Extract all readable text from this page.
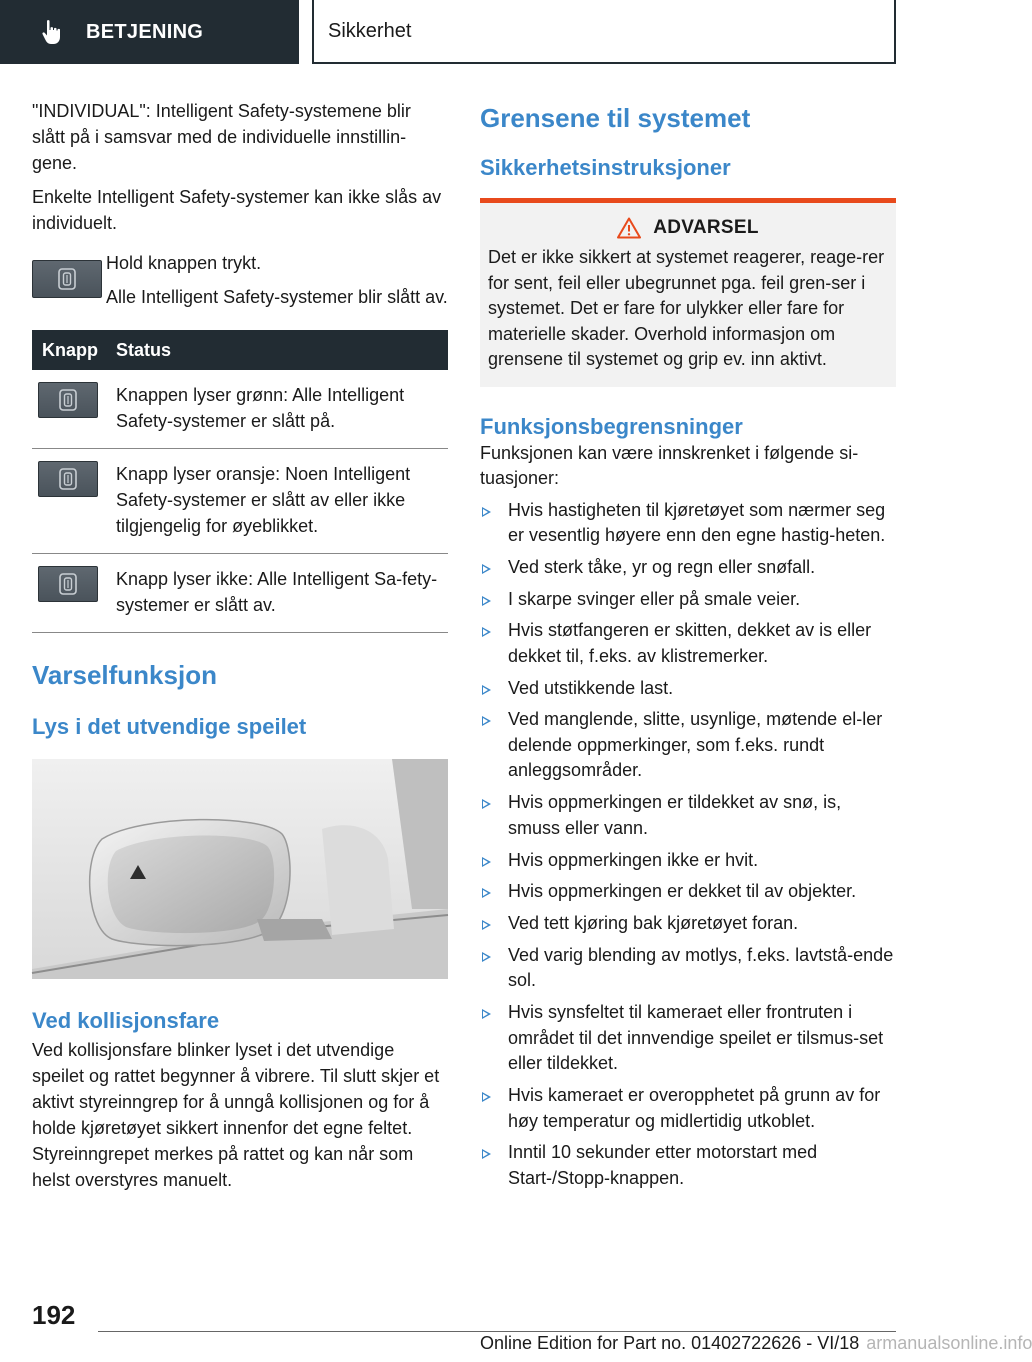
BETJENING	Sikkerhet

"INDIVIDUAL": Intelligent Safety-systemene blir slått på i samsvar med de individuelle innstillin‐gene.

Enkelte Intelligent Safety-systemer kan ikke slås av individuelt.

Hold knappen trykt.

Alle Intelligent Safety-systemer blir slått av.

Knapp	Status

	Knappen lyser grønn: Alle Intelligent Safety-systemer er slått på.

	Knapp lyser oransje: Noen Intelligent Safety-systemer er slått av eller ikke tilgjengelig for øyeblikket.

	Knapp lyser ikke: Alle Intelligent Sa‐fety-systemer er slått av.
Varselfunksjon
Lys i det utvendige speilet
Ved kollisjonsfare

Ved kollisjonsfare blinker lyset i det utvendige speilet og rattet begynner å vibrere. Til slutt skjer et aktivt styreinngrep for å unngå kollisjonen og for å holde kjøretøyet sikkert innenfor det egne feltet. Styreinngrepet merkes på rattet og kan når som helst overstyres manuelt.

Grensene til systemet
Sikkerhetsinstruksjoner
ADVARSEL

Det er ikke sikkert at systemet reagerer, reage‐rer for sent, feil eller ubegrunnet pga. feil gren‐ser i systemet. Det er fare for ulykker eller fare for materielle skader. Overhold informasjon om grensene til systemet og grip ev. inn aktivt.

Funksjonsbegrensninger

Funksjonen kan være innskrenket i følgende si‐tuasjoner:

Hvis hastigheten til kjøretøyet som nærmer seg er vesentlig høyere enn den egne hastig‐heten.
Ved sterk tåke, yr og regn eller snøfall.
I skarpe svinger eller på smale veier.
Hvis støtfangeren er skitten, dekket av is eller dekket til, f.eks. av klistremerker.
Ved utstikkende last.
Ved manglende, slitte, usynlige, møtende el‐ler delende oppmerkinger, som f.eks. rundt anleggsområder.
Hvis oppmerkingen er tildekket av snø, is, smuss eller vann.
Hvis oppmerkingen ikke er hvit.
Hvis oppmerkingen er dekket til av objekter.
Ved tett kjøring bak kjøretøyet foran.
Ved varig blending av motlys, f.eks. lavtstå‐ende sol.
Hvis synsfeltet til kameraet eller frontruten i området til det innvendige speilet er tilsmus‐set eller tildekket.
Hvis kameraet er overopphetet på grunn av for høy temperatur og midlertidig utkoblet.
Inntil 10 sekunder etter motorstart med Start-/Stopp-knappen.
192
Online Edition for Part no. 01402722626 - VI/18 armanualsonline.info
